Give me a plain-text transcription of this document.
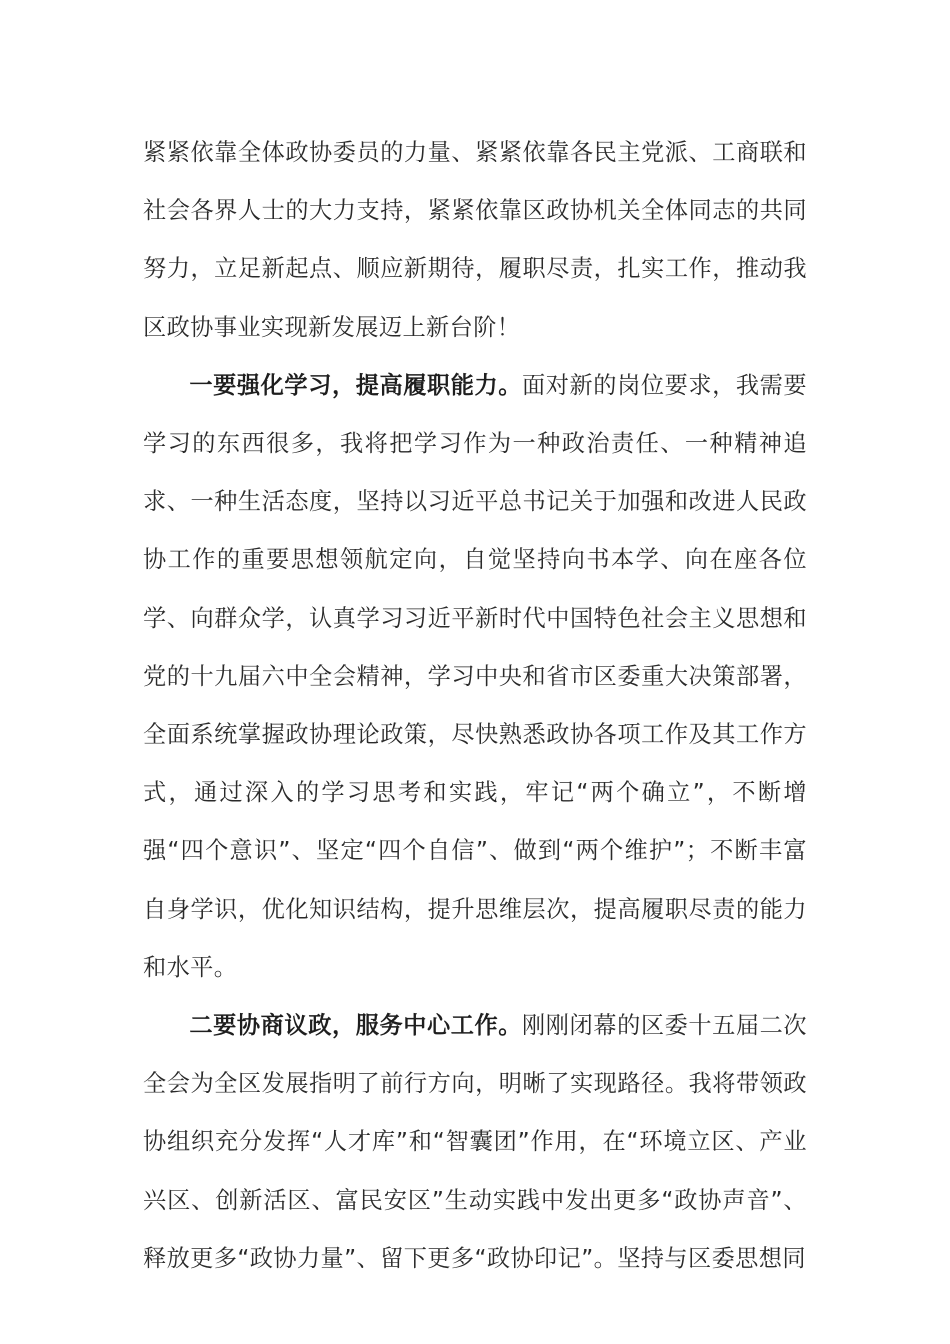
紧紧依靠全体政协委员的力量、紧紧依靠各民主党派、工商联和社会各界人士的大力支持，紧紧依靠区政协机关全体同志的共同努力，立足新起点、顺应新期待，履职尽责，扎实工作，推动我区政协事业实现新发展迈上新台阶！

一要强化学习，提高履职能力。面对新的岗位要求，我需要学习的东西很多，我将把学习作为一种政治责任、一种精神追求、一种生活态度，坚持以习近平总书记关于加强和改进人民政协工作的重要思想领航定向，自觉坚持向书本学、向在座各位学、向群众学，认真学习习近平新时代中国特色社会主义思想和党的十九届六中全会精神，学习中央和省市区委重大决策部署，全面系统掌握政协理论政策，尽快熟悉政协各项工作及其工作方式，通过深入的学习思考和实践，牢记“两个确立”，不断增强“四个意识”、坚定“四个自信”、做到“两个维护”；不断丰富自身学识，优化知识结构，提升思维层次，提高履职尽责的能力和水平。

二要协商议政，服务中心工作。刚刚闭幕的区委十五届二次全会为全区发展指明了前行方向，明晰了实现路径。我将带领政协组织充分发挥“人才库”和“智囊团”作用，在“环境立区、产业兴区、创新活区、富民安区”生动实践中发出更多“政协声音”、释放更多“政协力量”、留下更多“政协印记”。坚持与区委思想同
